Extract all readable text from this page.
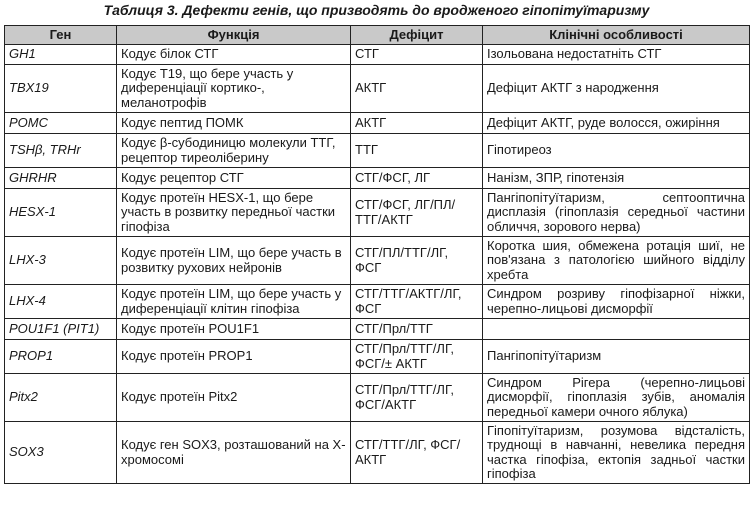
Таблиця 3. Дефекти генів, що призводять до вродженого гіпопітуїтаризму
Ген	Функція	Дефіцит	Клінічні особливості
GH1	Кодує білок СТГ	СТГ	Ізольована недостатніть СТГ
TBX19	Кодує Т19, що бере участь у диференціації кортико-, меланотрофів	АКТГ	Дефіцит АКТГ з народження
POMC	Кодує пептид ПОМК	АКТГ	Дефіцит АКТГ, руде волосся, ожиріння
TSHβ, TRHr	Кодує β-субодиницю молекули ТТГ, рецептор тиреоліберину	ТТГ	Гіпотиреоз
GHRHR	Кодує рецептор СТГ	СТГ/ФСГ, ЛГ	Нанізм, ЗПР, гіпотензія
HESX-1	Кодує протеїн HESX-1, що бере участь в розвитку передньої частки гіпофіза	СТГ/ФСГ, ЛГ/ПЛ/ТТГ/АКТГ	Пангіпопітуїтаризм, септооптична дисплазія (гіпоплазія середньої частини обличчя, зорового нерва)
LHX-3	Кодує протеїн LIM, що бере участь в розвитку рухових нейронів	СТГ/ПЛ/ТТГ/ЛГ, ФСГ	Коротка шия, обмежена ротація шиї, не пов'язана з патологією шийного відділу хребта
LHX-4	Кодує протеїн LIM, що бере участь у диференціації клітин гіпофіза	СТГ/ТТГ/АКТГ/ЛГ, ФСГ	Синдром розриву гіпофізарної ніжки, черепно-лицьові дисморфії
POU1F1 (PIT1)	Кодує протеїн POU1F1	СТГ/Прл/ТТГ	
PROP1	Кодує протеїн PROP1	СТГ/Прл/ТТГ/ЛГ, ФСГ/± АКТГ	Пангіпопітуїтаризм
Pitx2	Кодує протеїн Pitx2	СТГ/Прл/ТТГ/ЛГ, ФСГ/АКТГ	Синдром Рігера (черепно-лицьові дисморфії, гіпоплазія зубів, аномалія передньої камери очного яблука)
SOX3	Кодує ген SOX3, розташований на X-хромосомі	СТГ/ТТГ/ЛГ, ФСГ/АКТГ	Гіпопітуїтаризм, розумова відсталість, труднощі в навчанні, невелика передня частка гіпофіза, ектопія задньої частки гіпофіза
